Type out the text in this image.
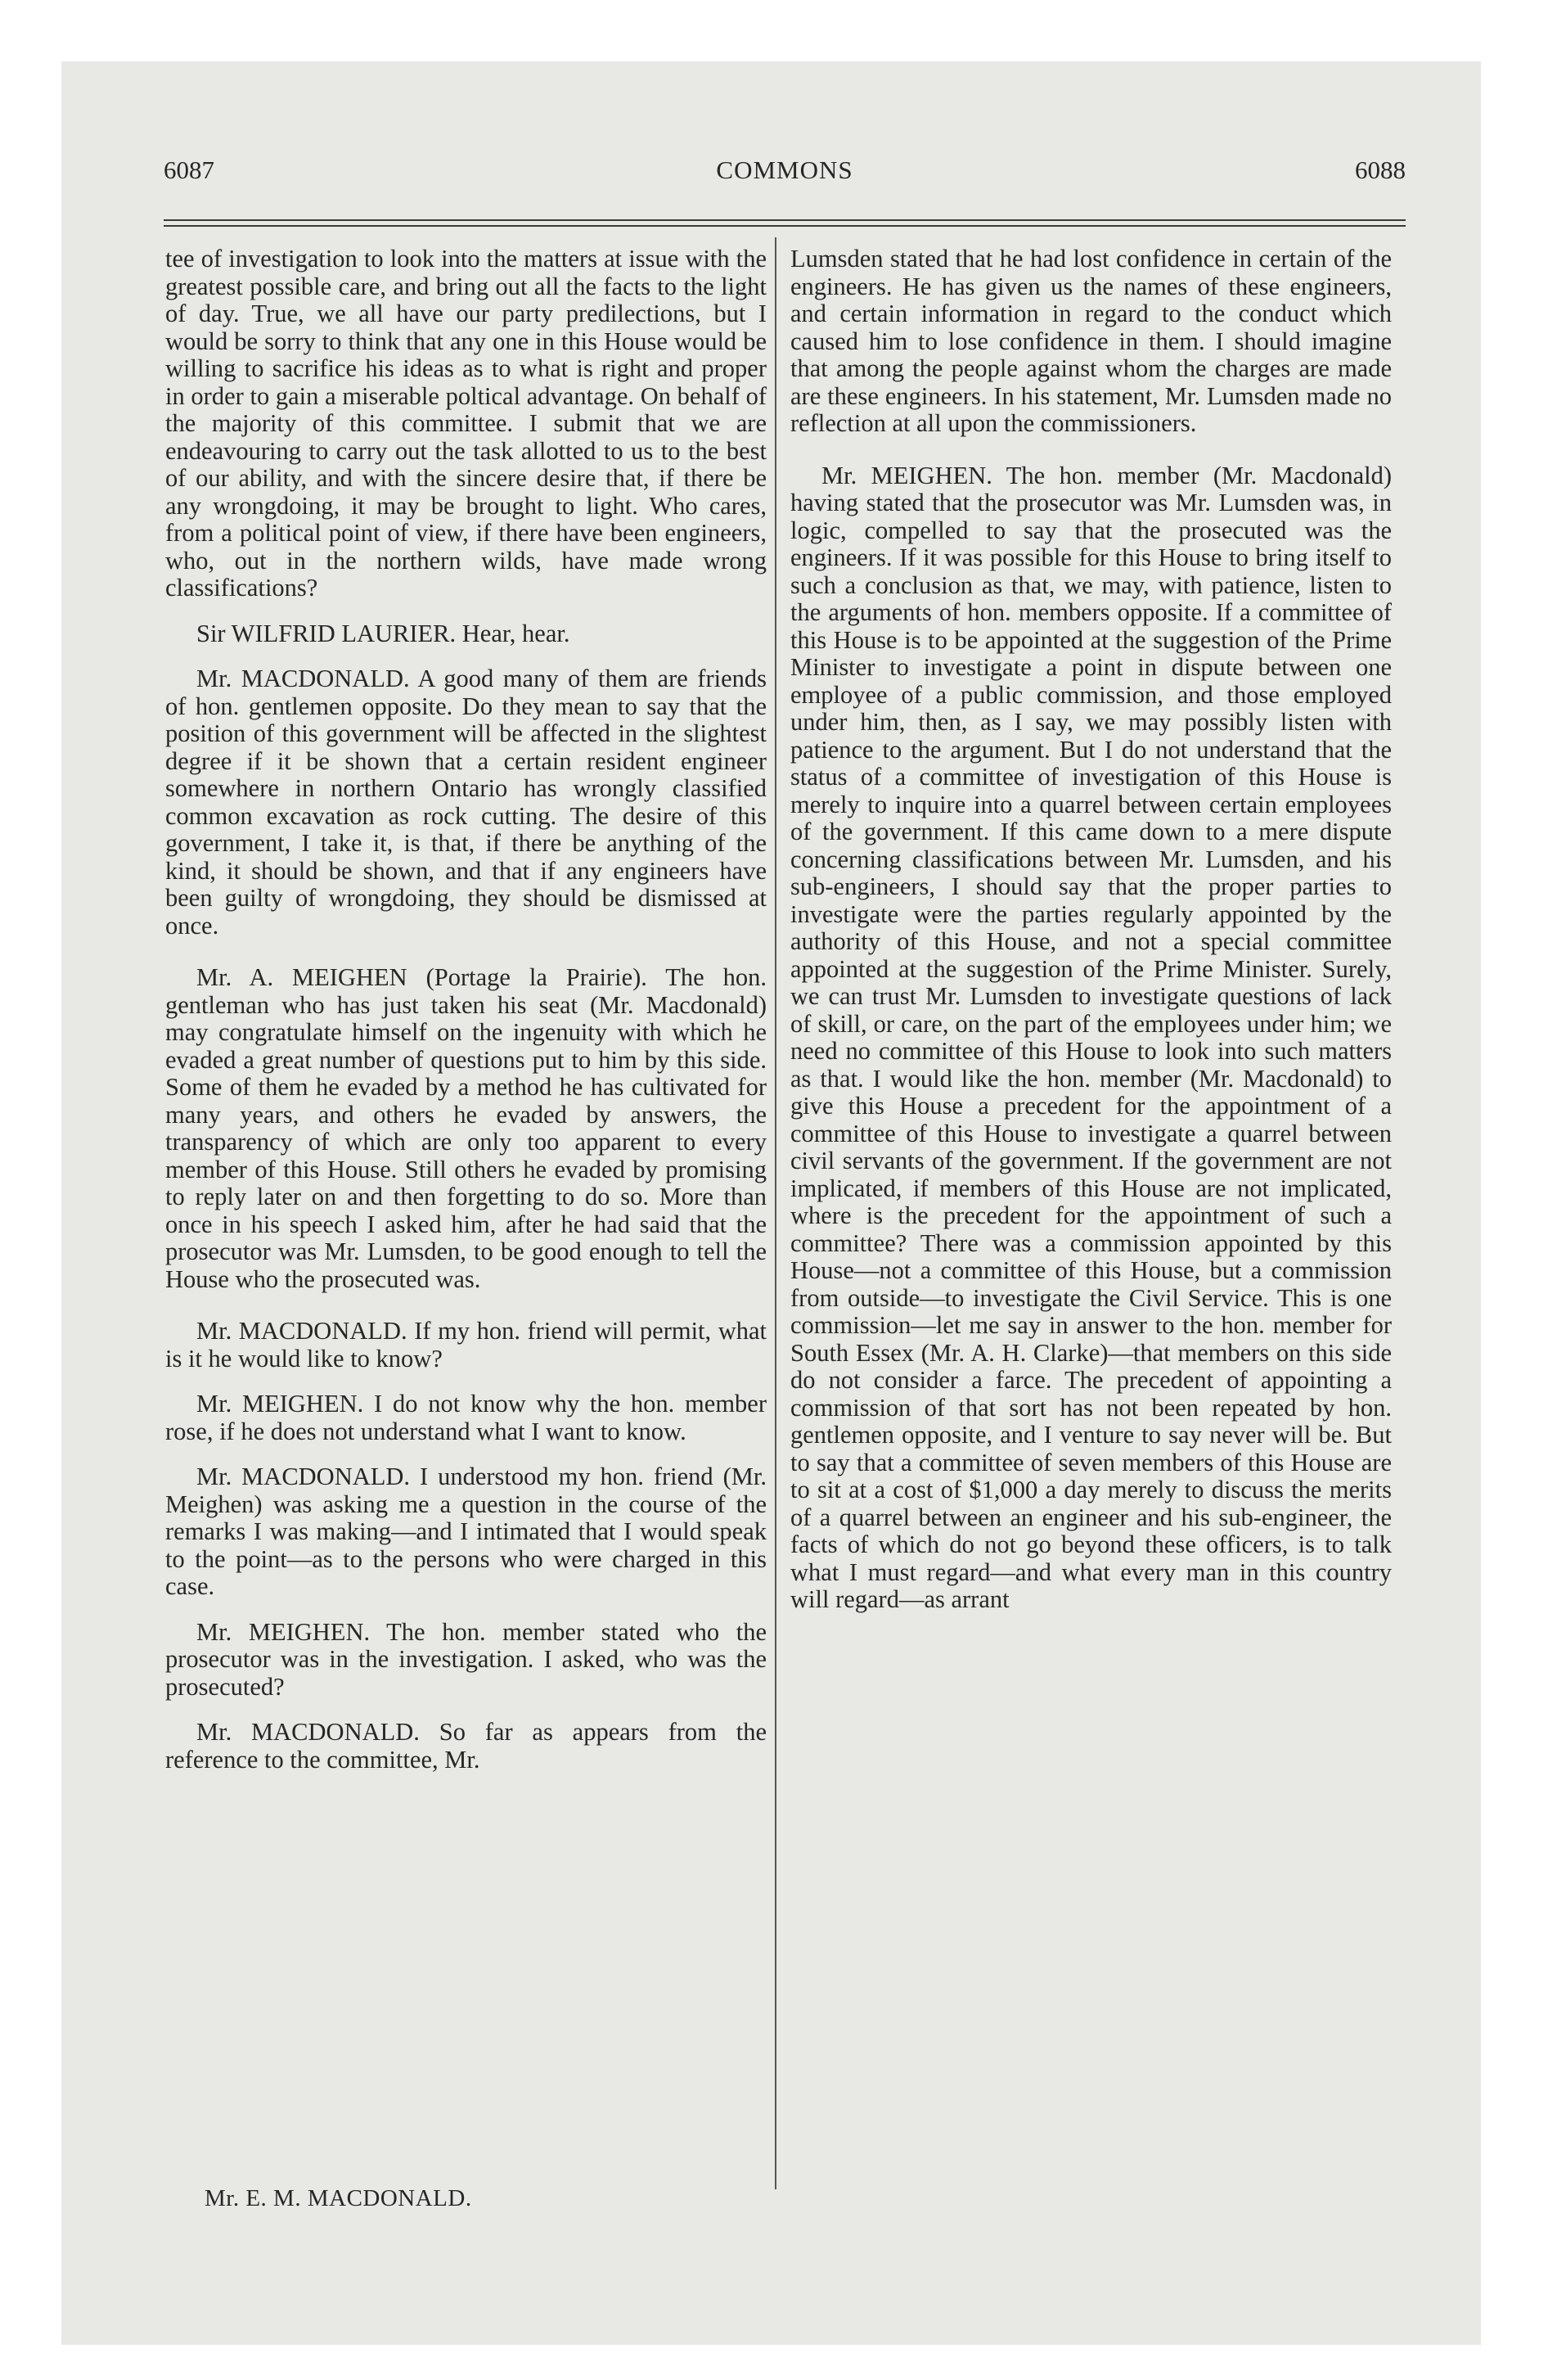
6087	COMMONS	6088

tee of investigation to look into the matters at issue with the greatest possible care, and bring out all the facts to the light of day. True, we all have our party predilections, but I would be sorry to think that any one in this House would be willing to sacrifice his ideas as to what is right and proper in order to gain a miserable poltical advantage. On behalf of the majority of this committee. I submit that we are endeavouring to carry out the task allotted to us to the best of our ability, and with the sincere desire that, if there be any wrongdoing, it may be brought to light. Who cares, from a political point of view, if there have been engineers, who, out in the northern wilds, have made wrong classifications?

Sir WILFRID LAURIER. Hear, hear.

Mr. MACDONALD. A good many of them are friends of hon. gentlemen opposite. Do they mean to say that the position of this government will be affected in the slightest degree if it be shown that a certain resident engineer somewhere in northern Ontario has wrongly classified common excavation as rock cutting. The desire of this government, I take it, is that, if there be anything of the kind, it should be shown, and that if any engineers have been guilty of wrongdoing, they should be dismissed at once.

Mr. A. MEIGHEN (Portage la Prairie). The hon. gentleman who has just taken his seat (Mr. Macdonald) may congratulate himself on the ingenuity with which he evaded a great number of questions put to him by this side. Some of them he evaded by a method he has cultivated for many years, and others he evaded by answers, the transparency of which are only too apparent to every member of this House. Still others he evaded by promising to reply later on and then forgetting to do so. More than once in his speech I asked him, after he had said that the prosecutor was Mr. Lumsden, to be good enough to tell the House who the prosecuted was.

Mr. MACDONALD. If my hon. friend will permit, what is it he would like to know?

Mr. MEIGHEN. I do not know why the hon. member rose, if he does not understand what I want to know.

Mr. MACDONALD. I understood my hon. friend (Mr. Meighen) was asking me a question in the course of the remarks I was making—and I intimated that I would speak to the point—as to the persons who were charged in this case.

Mr. MEIGHEN. The hon. member stated who the prosecutor was in the investigation. I asked, who was the prosecuted?

Mr. MACDONALD. So far as appears from the reference to the committee, Mr.

Lumsden stated that he had lost confidence in certain of the engineers. He has given us the names of these engineers, and certain information in regard to the conduct which caused him to lose confidence in them. I should imagine that among the people against whom the charges are made are these engineers. In his statement, Mr. Lumsden made no reflection at all upon the commissioners.

Mr. MEIGHEN. The hon. member (Mr. Macdonald) having stated that the prosecutor was Mr. Lumsden was, in logic, compelled to say that the prosecuted was the engineers. If it was possible for this House to bring itself to such a conclusion as that, we may, with patience, listen to the arguments of hon. members opposite. If a committee of this House is to be appointed at the suggestion of the Prime Minister to investigate a point in dispute between one employee of a public commission, and those employed under him, then, as I say, we may possibly listen with patience to the argument. But I do not understand that the status of a committee of investigation of this House is merely to inquire into a quarrel between certain employees of the government. If this came down to a mere dispute concerning classifications between Mr. Lumsden, and his sub-engineers, I should say that the proper parties to investigate were the parties regularly appointed by the authority of this House, and not a special committee appointed at the suggestion of the Prime Minister. Surely, we can trust Mr. Lumsden to investigate questions of lack of skill, or care, on the part of the employees under him; we need no committee of this House to look into such matters as that. I would like the hon. member (Mr. Macdonald) to give this House a precedent for the appointment of a committee of this House to investigate a quarrel between civil servants of the government. If the government are not implicated, if members of this House are not implicated, where is the precedent for the appointment of such a committee? There was a commission appointed by this House—not a committee of this House, but a commission from outside—to investigate the Civil Service. This is one commission—let me say in answer to the hon. member for South Essex (Mr. A. H. Clarke)—that members on this side do not consider a farce. The precedent of appointing a commission of that sort has not been repeated by hon. gentlemen opposite, and I venture to say never will be. But to say that a committee of seven members of this House are to sit at a cost of $1,000 a day merely to discuss the merits of a quarrel between an engineer and his sub-engineer, the facts of which do not go beyond these officers, is to talk what I must regard—and what every man in this country will regard—as arrant

Mr. E. M. MACDONALD.
